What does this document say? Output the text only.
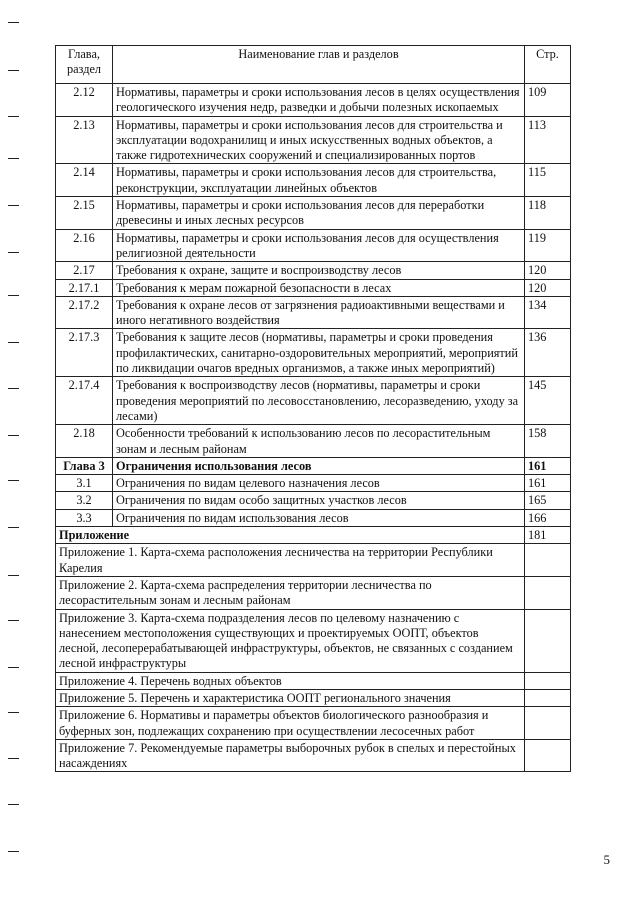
Глава,
раздел	Наименование глав и разделов	Стр.
2.12	Нормативы, параметры и сроки использования лесов в целях осуществления геологического изучения недр, разведки и добычи полезных ископаемых	109
2.13	Нормативы, параметры и сроки использования лесов для строительства и эксплуатации водохранилищ и иных искусственных водных объектов, а также гидротехнических сооружений и специализированных портов	113
2.14	Нормативы, параметры и сроки использования лесов для строительства, реконструкции, эксплуатации линейных объектов	115
2.15	Нормативы, параметры и сроки использования лесов для переработки древесины и иных лесных ресурсов	118
2.16	Нормативы, параметры и сроки использования лесов для осуществления религиозной деятельности	119
2.17	Требования к охране, защите и воспроизводству лесов	120
2.17.1	Требования к мерам пожарной безопасности в лесах	120
2.17.2	Требования к охране лесов от загрязнения радиоактивными веществами и иного негативного воздействия	134
2.17.3	Требования к защите лесов (нормативы, параметры и сроки проведения профилактических, санитарно-оздоровительных мероприятий, мероприятий по ликвидации очагов вредных организмов, а также иных мероприятий)	136
2.17.4	Требования к воспроизводству лесов (нормативы, параметры и сроки проведения мероприятий по лесовосстановлению, лесоразведению, уходу за лесами)	145
2.18	Особенности требований к использованию лесов по лесорастительным зонам и лесным районам	158
Глава 3	Ограничения использования лесов	161
3.1	Ограничения по видам целевого назначения лесов	161
3.2	Ограничения по видам особо защитных участков лесов	165
3.3	Ограничения по видам использования лесов	166
Приложение		181
Приложение 1. Карта-схема расположения лесничества на территории Республики Карелия		
Приложение 2. Карта-схема распределения территории лесничества по лесорастительным зонам и лесным районам		
Приложение 3. Карта-схема подразделения лесов по целевому назначению с нанесением местоположения существующих и проектируемых ООПТ, объектов лесной, лесоперерабатывающей инфраструктуры, объектов, не связанных с созданием лесной инфраструктуры		
Приложение 4. Перечень водных объектов		
Приложение 5. Перечень и характеристика ООПТ регионального значения		
Приложение 6. Нормативы и параметры объектов биологического разнообразия и буферных зон, подлежащих сохранению при осуществлении лесосечных работ		
Приложение 7. Рекомендуемые параметры выборочных рубок в спелых и перестойных насаждениях		
5
